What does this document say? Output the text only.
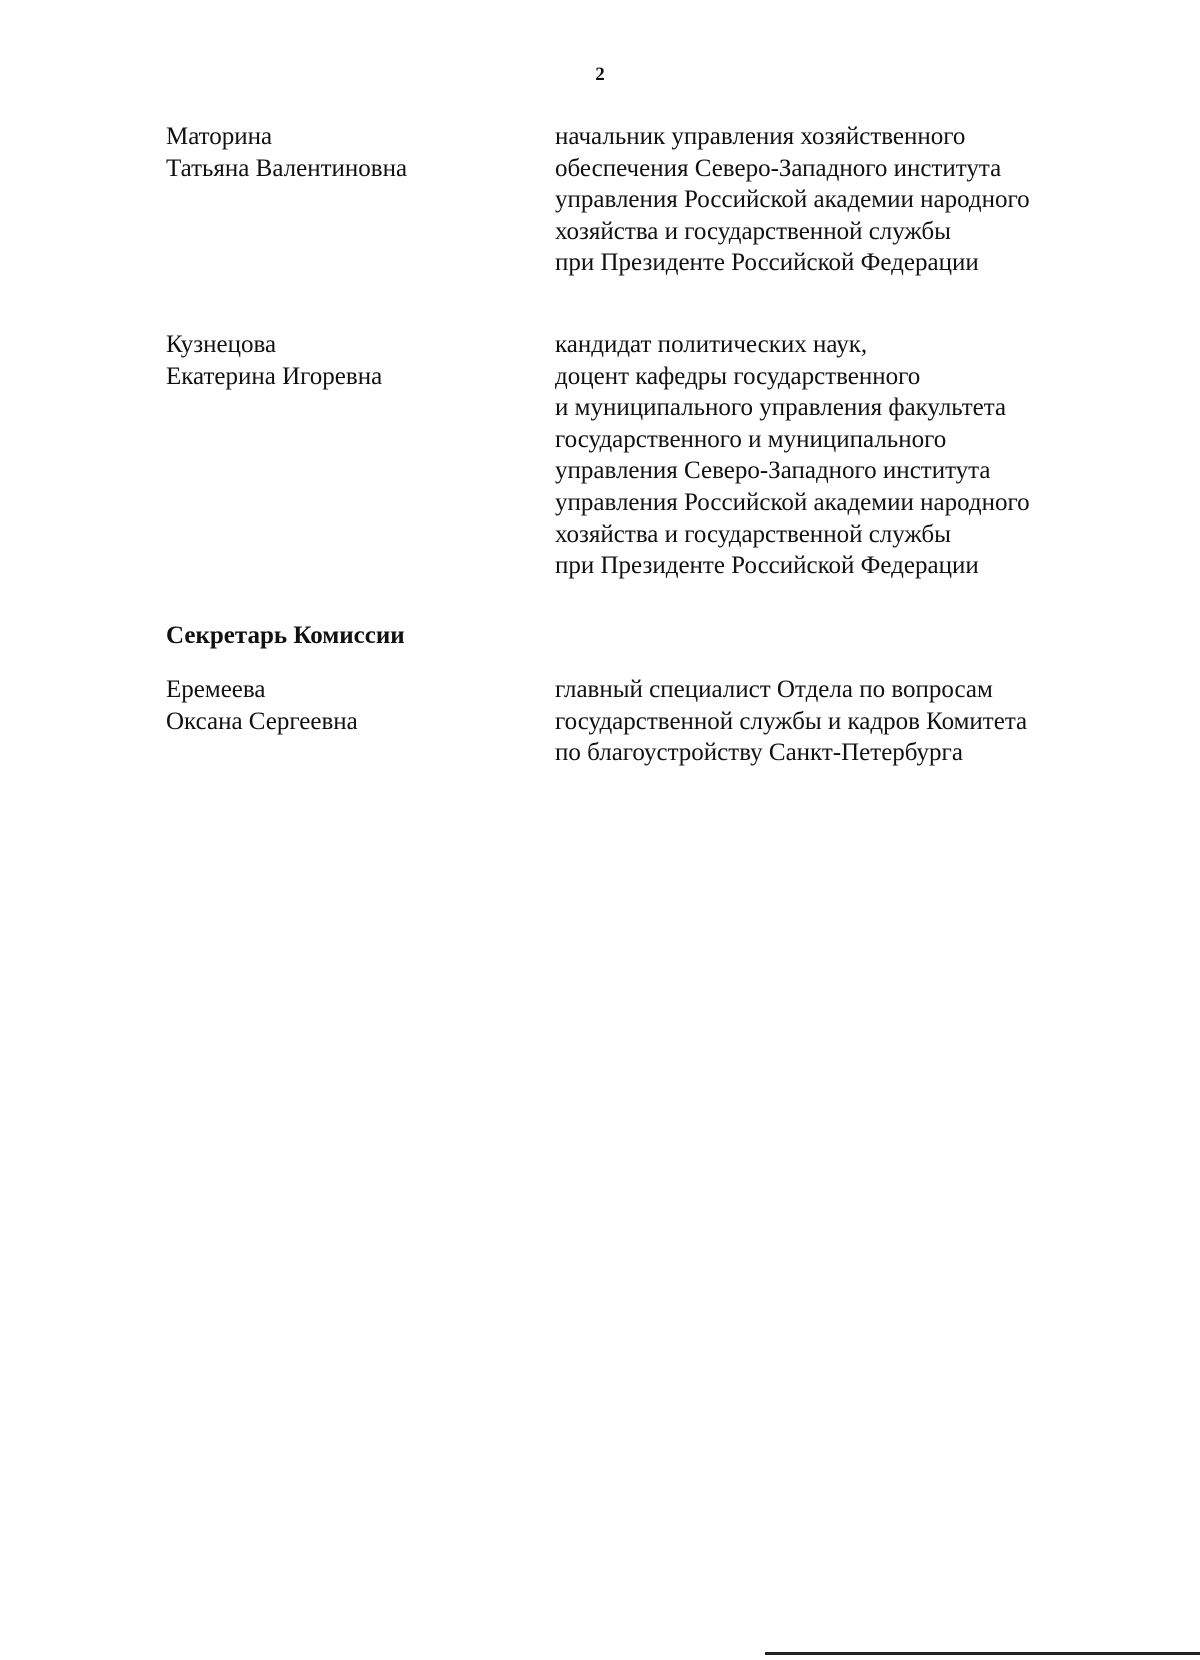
2
Маторина
Татьяна Валентиновна
начальник управления хозяйственного
обеспечения Северо-Западного института
управления Российской академии народного
хозяйства и государственной службы
при Президенте Российской Федерации
Кузнецова
Екатерина Игоревна
кандидат политических наук,
доцент кафедры государственного
и муниципального управления факультета
государственного и муниципального
управления Северо-Западного института
управления Российской академии народного
хозяйства и государственной службы
при Президенте Российской Федерации
Секретарь Комиссии
Еремеева
Оксана Сергеевна
главный специалист Отдела по вопросам
государственной службы и кадров Комитета
по благоустройству Санкт-Петербурга
